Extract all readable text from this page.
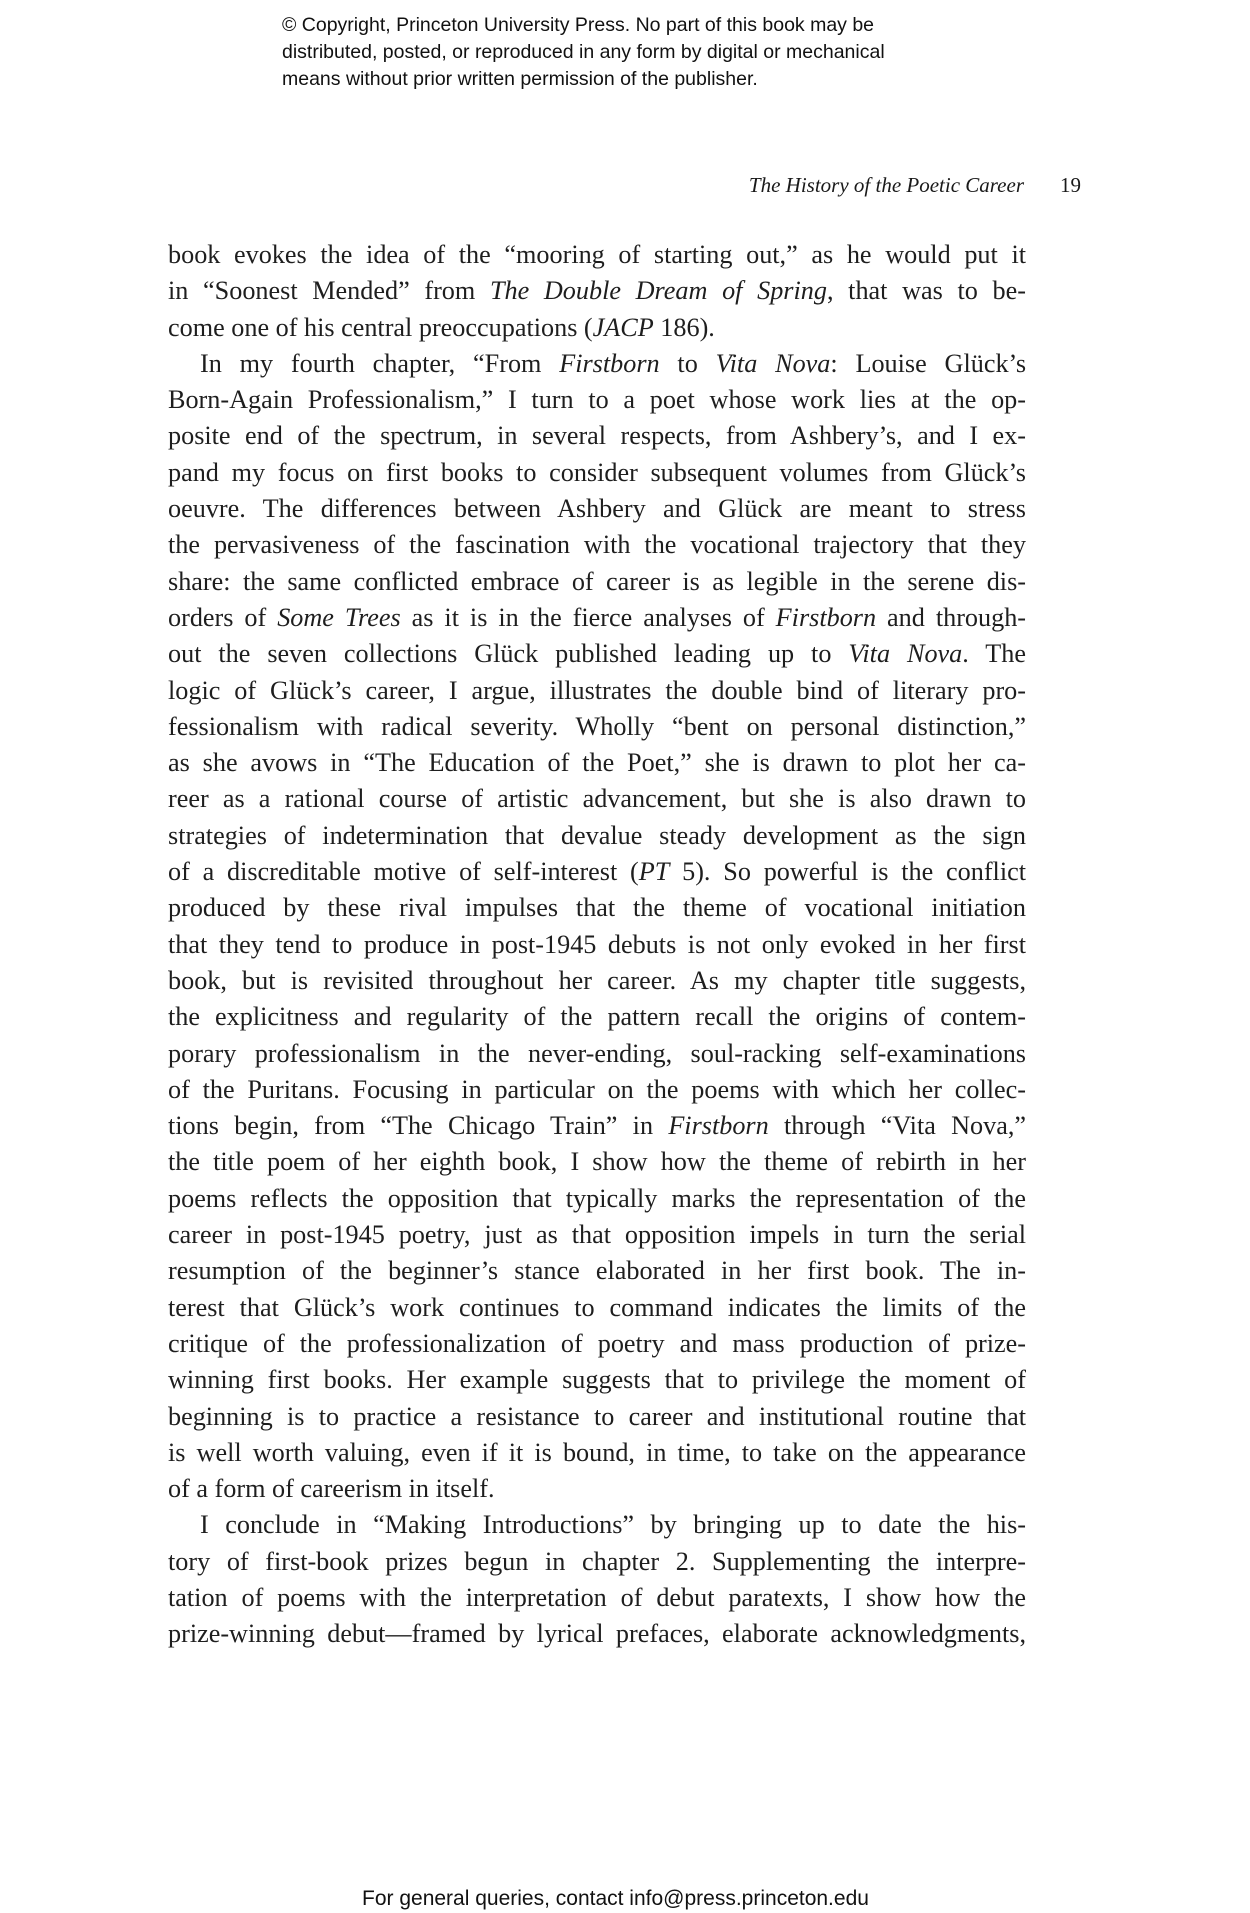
© Copyright, Princeton University Press. No part of this book may be
distributed, posted, or reproduced in any form by digital or mechanical
means without prior written permission of the publisher.
The History of the Poetic Career 19
book evokes the idea of the “mooring of starting out,” as he would put it
in “Soonest Mended” from The Double Dream of Spring, that was to be-
come one of his central preoccupations (JACP 186).
In my fourth chapter, “From Firstborn to Vita Nova: Louise Glück’s
Born-Again Professionalism,” I turn to a poet whose work lies at the op-
posite end of the spectrum, in several respects, from Ashbery’s, and I ex-
pand my focus on first books to consider subsequent volumes from Glück’s
oeuvre. The differences between Ashbery and Glück are meant to stress
the pervasiveness of the fascination with the vocational trajectory that they
share: the same conflicted embrace of career is as legible in the serene dis-
orders of Some Trees as it is in the fierce analyses of Firstborn and through-
out the seven collections Glück published leading up to Vita Nova. The
logic of Glück’s career, I argue, illustrates the double bind of literary pro-
fessionalism with radical severity. Wholly “bent on personal distinction,”
as she avows in “The Education of the Poet,” she is drawn to plot her ca-
reer as a rational course of artistic advancement, but she is also drawn to
strategies of indetermination that devalue steady development as the sign
of a discreditable motive of self-interest (PT 5). So powerful is the conflict
produced by these rival impulses that the theme of vocational initiation
that they tend to produce in post-1945 debuts is not only evoked in her first
book, but is revisited throughout her career. As my chapter title suggests,
the explicitness and regularity of the pattern recall the origins of contem-
porary professionalism in the never-ending, soul-racking self-examinations
of the Puritans. Focusing in particular on the poems with which her collec-
tions begin, from “The Chicago Train” in Firstborn through “Vita Nova,”
the title poem of her eighth book, I show how the theme of rebirth in her
poems reflects the opposition that typically marks the representation of the
career in post-1945 poetry, just as that opposition impels in turn the serial
resumption of the beginner’s stance elaborated in her first book. The in-
terest that Glück’s work continues to command indicates the limits of the
critique of the professionalization of poetry and mass production of prize-
winning first books. Her example suggests that to privilege the moment of
beginning is to practice a resistance to career and institutional routine that
is well worth valuing, even if it is bound, in time, to take on the appearance
of a form of careerism in itself.
I conclude in “Making Introductions” by bringing up to date the his-
tory of first-book prizes begun in chapter 2. Supplementing the interpre-
tation of poems with the interpretation of debut paratexts, I show how the
prize-winning debut—framed by lyrical prefaces, elaborate acknowledgments,
For general queries, contact info@press.princeton.edu
